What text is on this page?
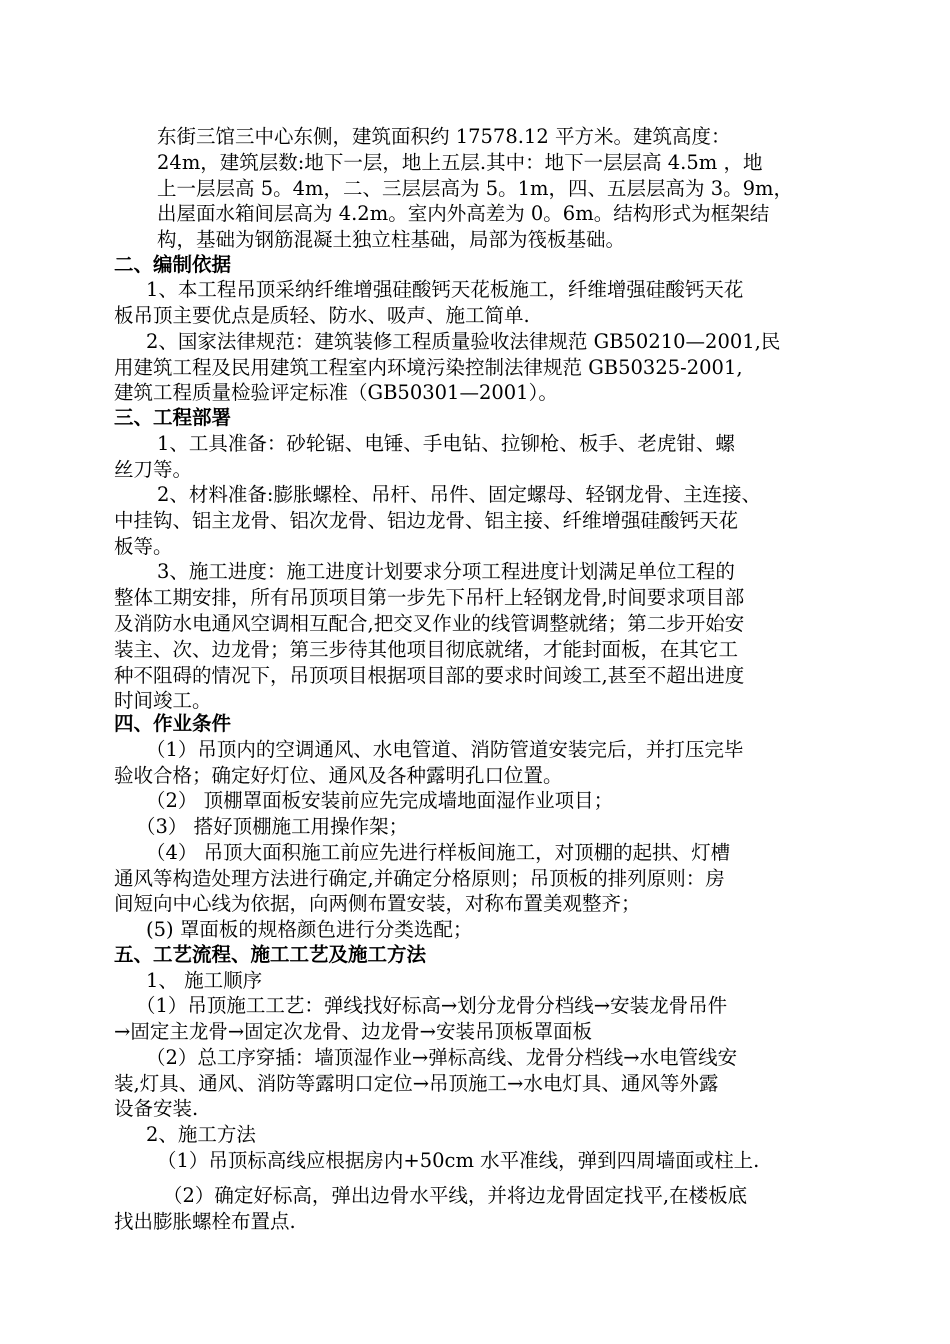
东街三馆三中心东侧，建筑面积约 17578.12 平方米。建筑高度：
24m，建筑层数:地下一层，地上五层.其中：地下一层层高 4.5m ，地
上一层层高 5。4m，二、三层层高为 5。1m，四、五层层高为 3。9m，
出屋面水箱间层高为 4.2m。室内外高差为 0。6m。结构形式为框架结
构，基础为钢筋混凝土独立柱基础，局部为筏板基础。
二、编制依据
1、本工程吊顶采纳纤维增强硅酸钙天花板施工，纤维增强硅酸钙天花
板吊顶主要优点是质轻、防水、吸声、施工简单.
2、国家法律规范：建筑装修工程质量验收法律规范 GB50210—2001,民
用建筑工程及民用建筑工程室内环境污染控制法律规范 GB50325-2001,
建筑工程质量检验评定标准（GB50301—2001）。
三、工程部署
1、工具准备：砂轮锯、电锤、手电钻、拉铆枪、板手、老虎钳、螺
丝刀等。
2、材料准备:膨胀螺栓、吊杆、吊件、固定螺母、轻钢龙骨、主连接、
中挂钩、铝主龙骨、铝次龙骨、铝边龙骨、铝主接、纤维增强硅酸钙天花
板等。
3、施工进度：施工进度计划要求分项工程进度计划满足单位工程的
整体工期安排，所有吊顶项目第一步先下吊杆上轻钢龙骨,时间要求项目部
及消防水电通风空调相互配合,把交叉作业的线管调整就绪；第二步开始安
装主、次、边龙骨；第三步待其他项目彻底就绪，才能封面板，在其它工
种不阻碍的情况下，吊顶项目根据项目部的要求时间竣工,甚至不超出进度
时间竣工。
四、作业条件
（1）吊顶内的空调通风、水电管道、消防管道安装完后，并打压完毕
验收合格；确定好灯位、通风及各种露明孔口位置。
（2） 顶棚罩面板安装前应先完成墙地面湿作业项目；
（3） 搭好顶棚施工用操作架；
（4） 吊顶大面积施工前应先进行样板间施工，对顶棚的起拱、灯槽
通风等构造处理方法进行确定,并确定分格原则；吊顶板的排列原则：房
间短向中心线为依据，向两侧布置安装，对称布置美观整齐；
(5) 罩面板的规格颜色进行分类选配；
五、工艺流程、施工工艺及施工方法
1、 施工顺序
（1）吊顶施工工艺：弹线找好标高→划分龙骨分档线→安装龙骨吊件
→固定主龙骨→固定次龙骨、边龙骨→安装吊顶板罩面板
（2）总工序穿插：墙顶湿作业→弹标高线、龙骨分档线→水电管线安
装,灯具、通风、消防等露明口定位→吊顶施工→水电灯具、通风等外露
设备安装.
2、施工方法
（1）吊顶标高线应根据房内+50cm 水平准线，弹到四周墙面或柱上.
（2）确定好标高，弹出边骨水平线，并将边龙骨固定找平,在楼板底
找出膨胀螺栓布置点.
